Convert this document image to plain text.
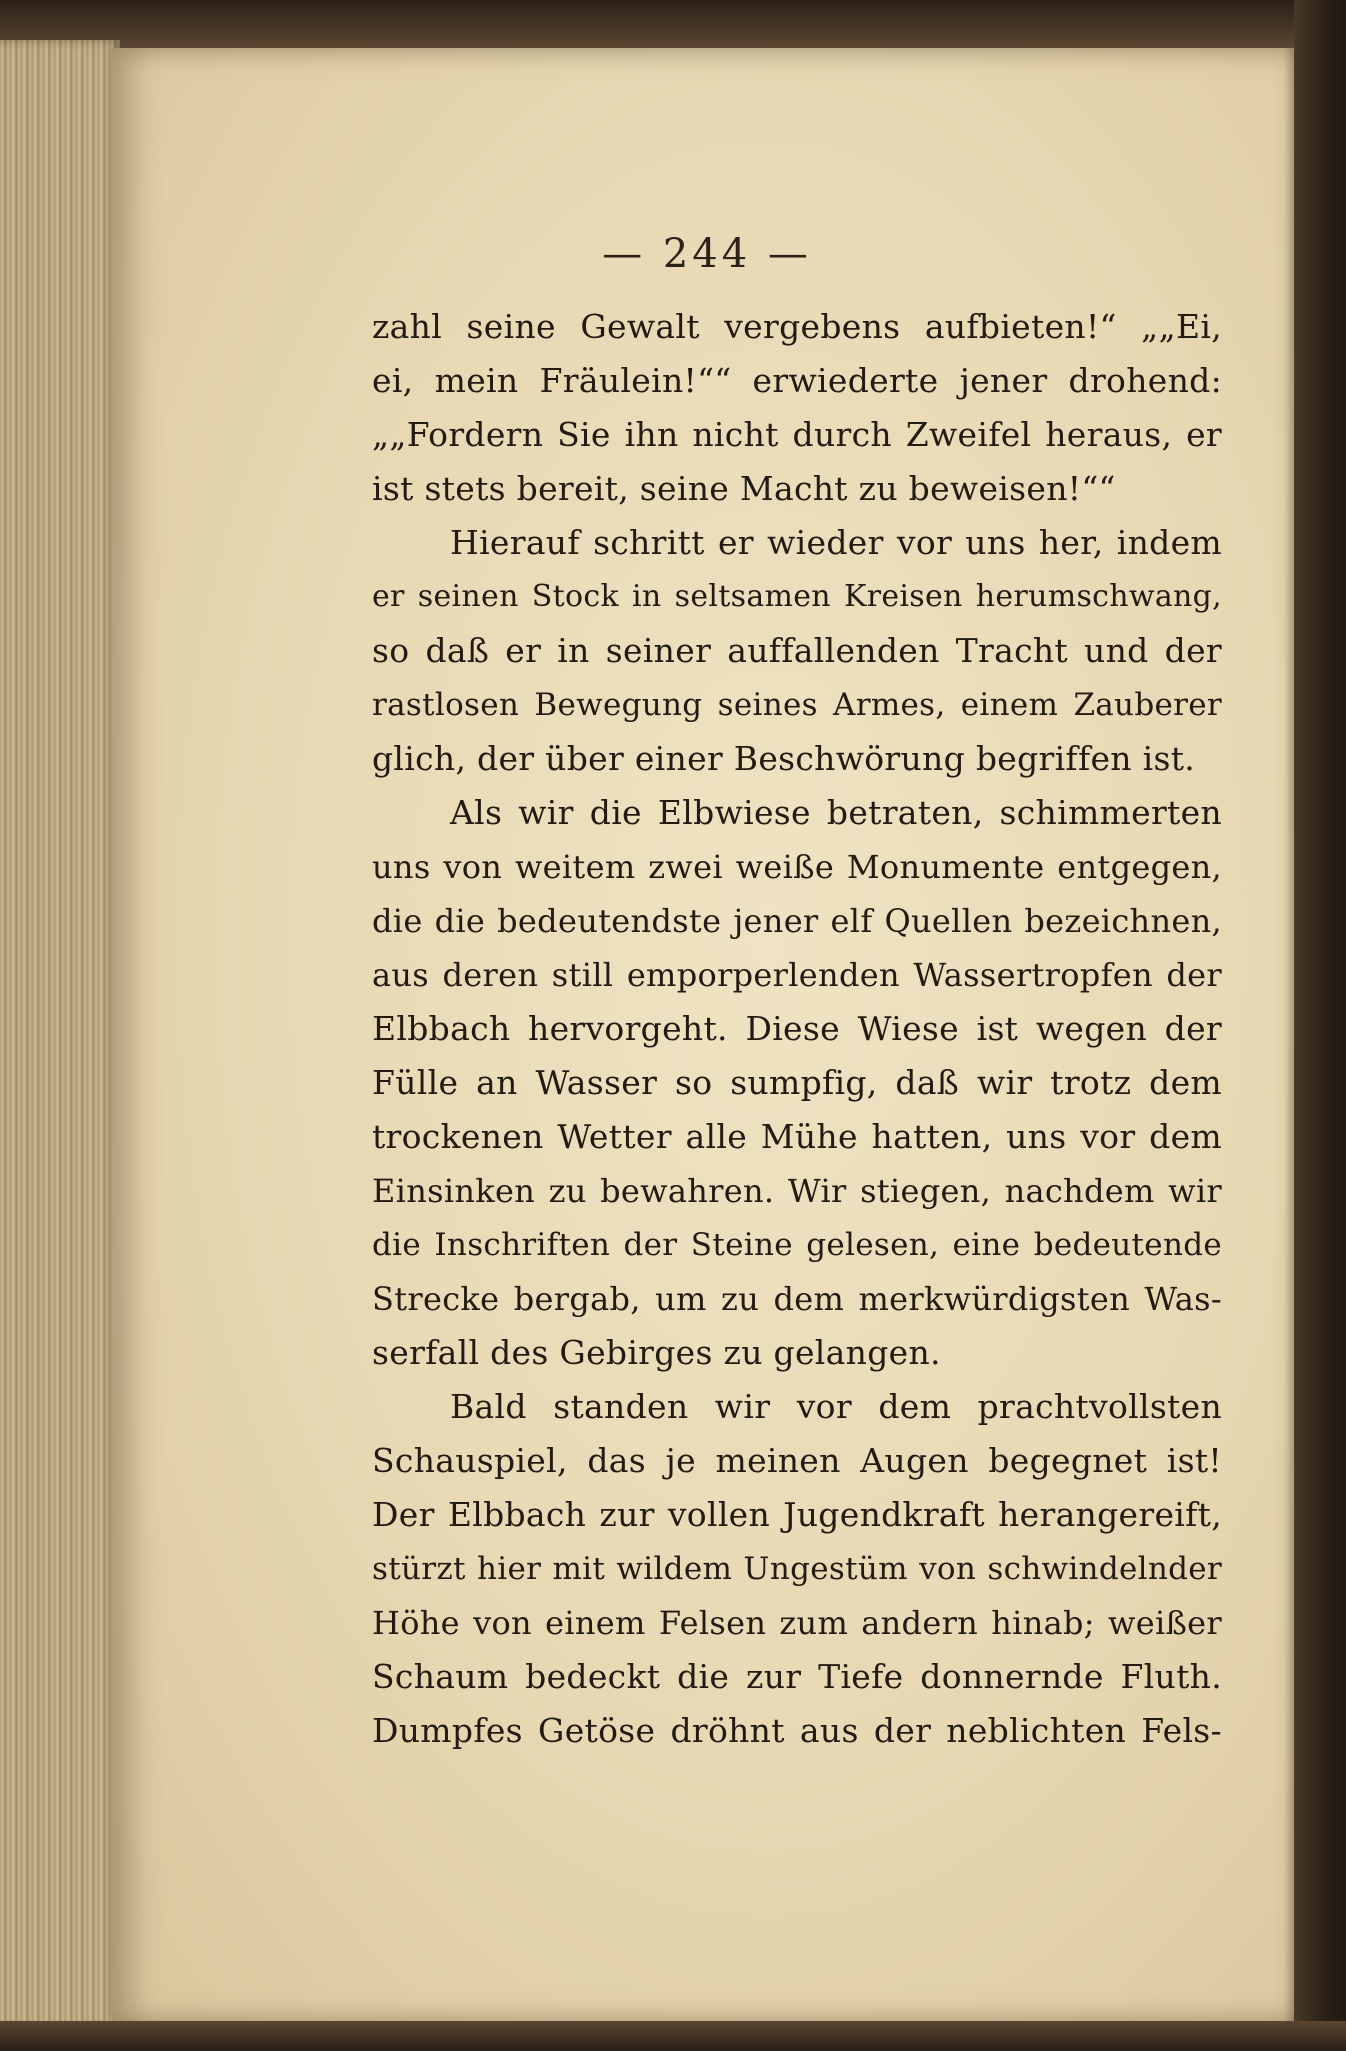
— 244 —
zahl seine Gewalt vergebens aufbieten!“ „„Ei,
ei, mein Fräulein!““ erwiederte jener drohend:
„„Fordern Sie ihn nicht durch Zweifel heraus, er
ist stets bereit, seine Macht zu beweisen!““
Hierauf schritt er wieder vor uns her, indem
er seinen Stock in seltsamen Kreisen herumschwang,
so daß er in seiner auffallenden Tracht und der
rastlosen Bewegung seines Armes, einem Zauberer
glich, der über einer Beschwörung begriffen ist.
Als wir die Elbwiese betraten, schimmerten
uns von weitem zwei weiße Monumente entgegen,
die die bedeutendste jener elf Quellen bezeichnen,
aus deren still emporperlenden Wassertropfen der
Elbbach hervorgeht. Diese Wiese ist wegen der
Fülle an Wasser so sumpfig, daß wir trotz dem
trockenen Wetter alle Mühe hatten, uns vor dem
Einsinken zu bewahren. Wir stiegen, nachdem wir
die Inschriften der Steine gelesen, eine bedeutende
Strecke bergab, um zu dem merkwürdigsten Was-
serfall des Gebirges zu gelangen.
Bald standen wir vor dem prachtvollsten
Schauspiel, das je meinen Augen begegnet ist!
Der Elbbach zur vollen Jugendkraft herangereift,
stürzt hier mit wildem Ungestüm von schwindelnder
Höhe von einem Felsen zum andern hinab; weißer
Schaum bedeckt die zur Tiefe donnernde Fluth.
Dumpfes Getöse dröhnt aus der neblichten Fels-
